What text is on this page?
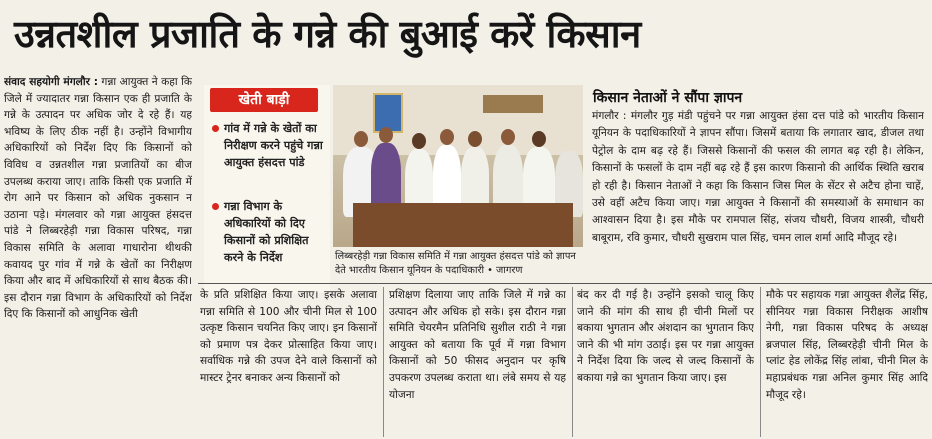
उन्नतशील प्रजाति के गन्ने की बुआई करें किसान

संवाद सहयोगी मंगलौर : गन्ना आयुक्त ने कहा कि जिले में ज्यादातर गन्ना किसान एक ही प्रजाति के गन्ने के उत्पादन पर अधिक जोर दे रहे हैं। यह भविष्य के लिए ठीक नहीं है। उन्होंने विभागीय अधिकारियों को निर्देश दिए कि किसानों को विविध व उन्नतशील गन्ना प्रजातियों का बीज उपलब्ध कराया जाए। ताकि किसी एक प्रजाति में रोग आने पर किसान को अधिक नुकसान न उठाना पड़े। मंगलवार को गन्ना आयुक्त हंसदत्त पांडे ने लिब्बरहेड़ी गन्ना विकास परिषद, गन्ना विकास समिति के अलावा गाधारोना थीथकी कवायद पुर गांव में गन्ने के खेतों का निरीक्षण किया और बाद में अधिकारियों से साथ बैठक की। इस दौरान गन्ना विभाग के अधिकारियों को निर्देश दिए कि किसानों को आधुनिक खेती

खेती बाड़ी
गांव में गन्ने के खेतों का निरीक्षण करने पहुंचे गन्ना आयुक्त हंसदत्त पांडे
गन्ना विभाग के अधिकारियों को दिए किसानों को प्रशिक्षित करने के निर्देश	लिब्बरहेड़ी गन्ना विकास समिति में गन्ना आयुक्त हंसदत्त पांडे को ज्ञापन देते भारतीय किसान यूनियन के पदाधिकारी • जागरण
किसान नेताओं ने सौंपा ज्ञापन
मंगलौर : मंगलौर गुड़ मंडी पहुंचने पर गन्ना आयुक्त हंसा दत्त पांडे को भारतीय किसान यूनियन के पदाधिकारियों ने ज्ञापन सौंपा। जिसमें बताया कि लगातार खाद, डीजल तथा पेट्रोल के दाम बढ़ रहे हैं। जिससे किसानों की फसल की लागत बढ़ रही है। लेकिन, किसानों के फसलों के दाम नहीं बढ़ रहे हैं इस कारण किसानो की आर्थिक स्थिति खराब हो रही है। किसान नेताओं ने कहा कि किसान जिस मिल के सेंटर से अटैच होना चाहें, उसे वहीं अटैच किया जाए। गन्ना आयुक्त ने किसानों की समस्याओं के समाधान का आश्वासन दिया है। इस मौके पर रामपाल सिंह, संजय चौधरी, विजय शास्त्री, चौधरी बाबूराम, रवि कुमार, चौधरी सुखराम पाल सिंह, चमन लाल शर्मा आदि मौजूद रहे।
के प्रति प्रशिक्षित किया जाए। इसके अलावा गन्ना समिति से 100 और चीनी मिल से 100 उत्कृष्ट किसान चयनित किए जाए। इन किसानों को प्रमाण पत्र देकर प्रोत्साहित किया जाए। सर्वाधिक गन्ने की उपज देने वाले किसानों को मास्टर ट्रेनर बनाकर अन्य किसानों को
प्रशिक्षण दिलाया जाए ताकि जिले में गन्ने का उत्पादन और अधिक हो सके। इस दौरान गन्ना समिति चेयरमैन प्रतिनिधि सुशील राठी ने गन्ना आयुक्त को बताया कि पूर्व में गन्ना विभाग किसानों को 50 फीसद अनुदान पर कृषि उपकरण उपलब्ध कराता था। लंबे समय से यह योजना
बंद कर दी गई है। उन्होंने इसको चालू किए जाने की मांग की साथ ही चीनी मिलों पर बकाया भुगतान और अंशदान का भुगतान किए जाने की भी मांग उठाई। इस पर गन्ना आयुक्त ने निर्देश दिया कि जल्द से जल्द किसानों के बकाया गन्ने का भुगतान किया जाए। इस
मौके पर सहायक गन्ना आयुक्त शैलेंद्र सिंह, सीनियर गन्ना विकास निरीक्षक आशीष नेगी, गन्ना विकास परिषद के अध्यक्ष ब्रजपाल सिंह, लिब्बरहेड़ी चीनी मिल के प्लांट हेड लोकेंद्र सिंह लांबा, चीनी मिल के महाप्रबंधक गन्ना अनिल कुमार सिंह आदि मौजूद रहे।
